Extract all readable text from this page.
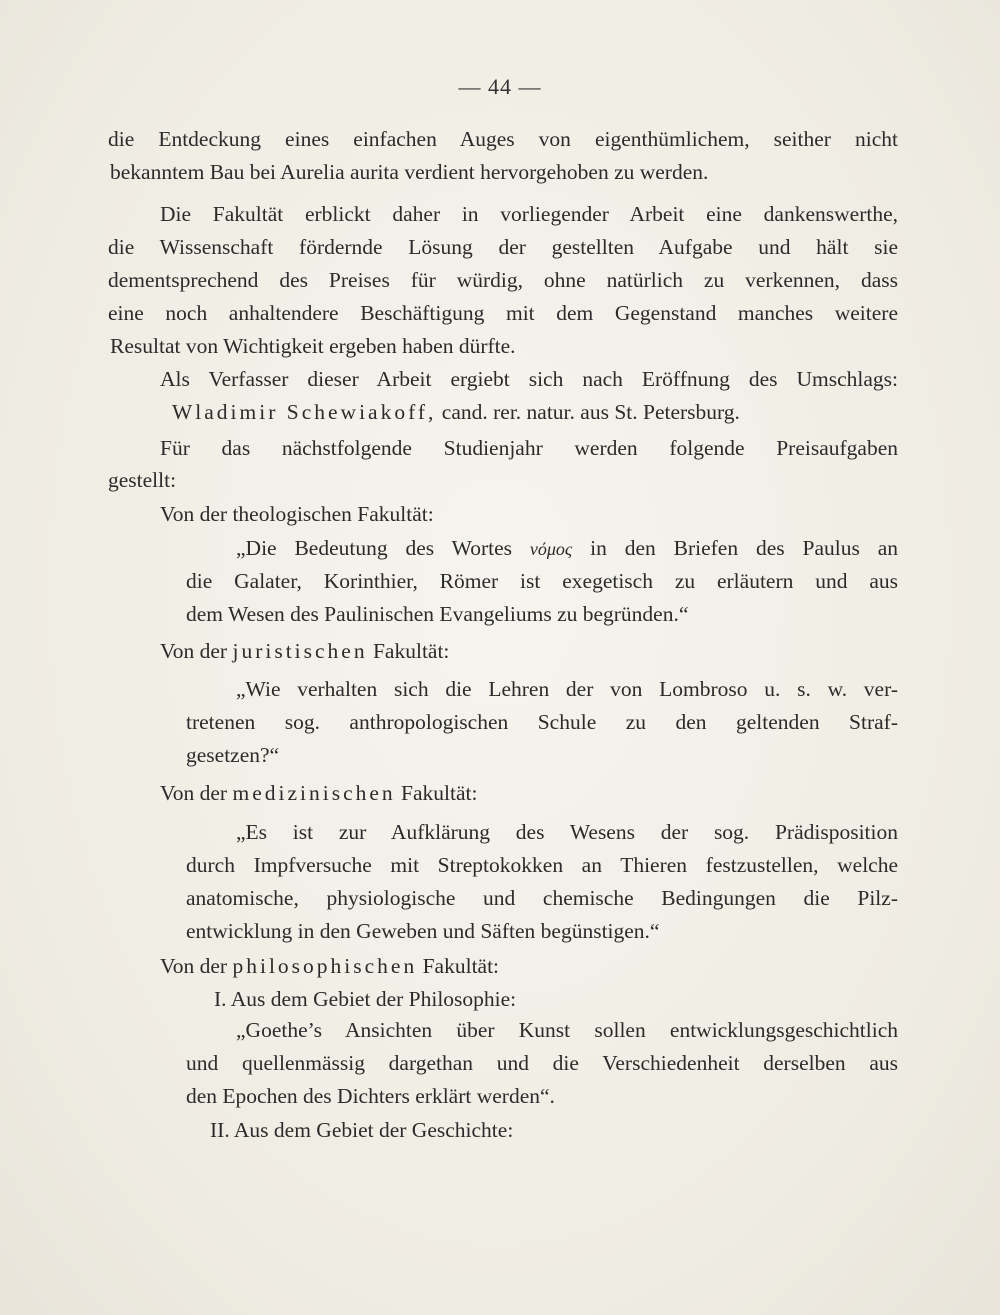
— 44 —
die Entdeckung eines einfachen Auges von eigenthümlichem, seither nicht
bekanntem Bau bei Aurelia aurita verdient hervorgehoben zu werden.
Die Fakultät erblickt daher in vorliegender Arbeit eine dankenswerthe,
die Wissenschaft fördernde Lösung der gestellten Aufgabe und hält sie
dementsprechend des Preises für würdig, ohne natürlich zu verkennen, dass
eine noch anhaltendere Beschäftigung mit dem Gegenstand manches weitere
Resultat von Wichtigkeit ergeben haben dürfte.
Als Verfasser dieser Arbeit ergiebt sich nach Eröffnung des Umschlags:
Wladimir Schewiakoff, cand. rer. natur. aus St. Petersburg.
Für das nächstfolgende Studienjahr werden folgende Preisaufgaben
gestellt:
Von der theologischen Fakultät:
„Die Bedeutung des Wortes νόμος in den Briefen des Paulus an
die Galater, Korinthier, Römer ist exegetisch zu erläutern und aus
dem Wesen des Paulinischen Evangeliums zu begründen.“
Von der juristischen Fakultät:
„Wie verhalten sich die Lehren der von Lombroso u. s. w. ver-
tretenen sog. anthropologischen Schule zu den geltenden Straf-
gesetzen?“
Von der medizinischen Fakultät:
„Es ist zur Aufklärung des Wesens der sog. Prädisposition
durch Impfversuche mit Streptokokken an Thieren festzustellen, welche
anatomische, physiologische und chemische Bedingungen die Pilz-
entwicklung in den Geweben und Säften begünstigen.“
Von der philosophischen Fakultät:
I. Aus dem Gebiet der Philosophie:
„Goethe’s Ansichten über Kunst sollen entwicklungsgeschichtlich
und quellenmässig dargethan und die Verschiedenheit derselben aus
den Epochen des Dichters erklärt werden“.
II. Aus dem Gebiet der Geschichte:
